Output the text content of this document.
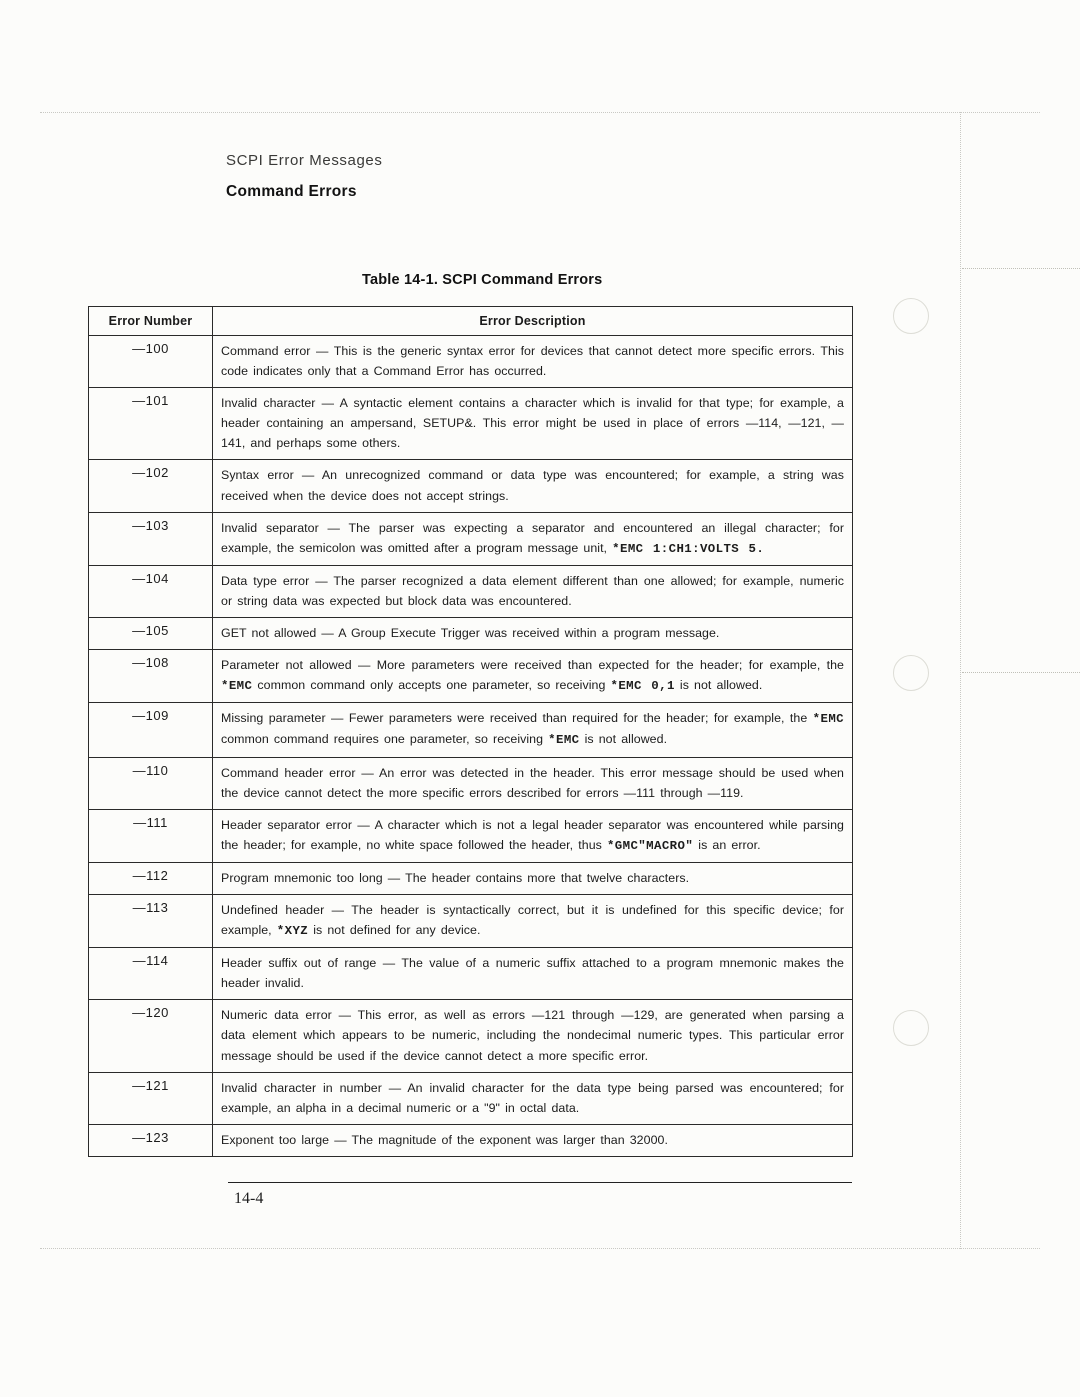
SCPI Error Messages
Command Errors
Table 14-1. SCPI Command Errors
Error Number	Error Description
—100	Command error — This is the generic syntax error for devices that cannot detect more specific errors. This code indicates only that a Command Error has occurred.
—101	Invalid character — A syntactic element contains a character which is invalid for that type; for example, a header containing an ampersand, SETUP&. This error might be used in place of errors —114, —121, —141, and perhaps some others.
—102	Syntax error — An unrecognized command or data type was encountered; for example, a string was received when the device does not accept strings.
—103	Invalid separator — The parser was expecting a separator and encountered an illegal character; for example, the semicolon was omitted after a program message unit, *EMC 1:CH1:VOLTS 5.
—104	Data type error — The parser recognized a data element different than one allowed; for example, numeric or string data was expected but block data was encountered.
—105	GET not allowed — A Group Execute Trigger was received within a program message.
—108	Parameter not allowed — More parameters were received than expected for the header; for example, the *EMC common command only accepts one parameter, so receiving *EMC 0,1 is not allowed.
—109	Missing parameter — Fewer parameters were received than required for the header; for example, the *EMC common command requires one parameter, so receiving *EMC is not allowed.
—110	Command header error — An error was detected in the header. This error message should be used when the device cannot detect the more specific errors described for errors —111 through —119.
—111	Header separator error — A character which is not a legal header separator was encountered while parsing the header; for example, no white space followed the header, thus *GMC"MACRO" is an error.
—112	Program mnemonic too long — The header contains more that twelve characters.
—113	Undefined header — The header is syntactically correct, but it is undefined for this specific device; for example, *XYZ is not defined for any device.
—114	Header suffix out of range — The value of a numeric suffix attached to a program mnemonic makes the header invalid.
—120	Numeric data error — This error, as well as errors —121 through —129, are generated when parsing a data element which appears to be numeric, including the nondecimal numeric types. This particular error message should be used if the device cannot detect a more specific error.
—121	Invalid character in number — An invalid character for the data type being parsed was encountered; for example, an alpha in a decimal numeric or a "9" in octal data.
—123	Exponent too large — The magnitude of the exponent was larger than 32000.
14-4
